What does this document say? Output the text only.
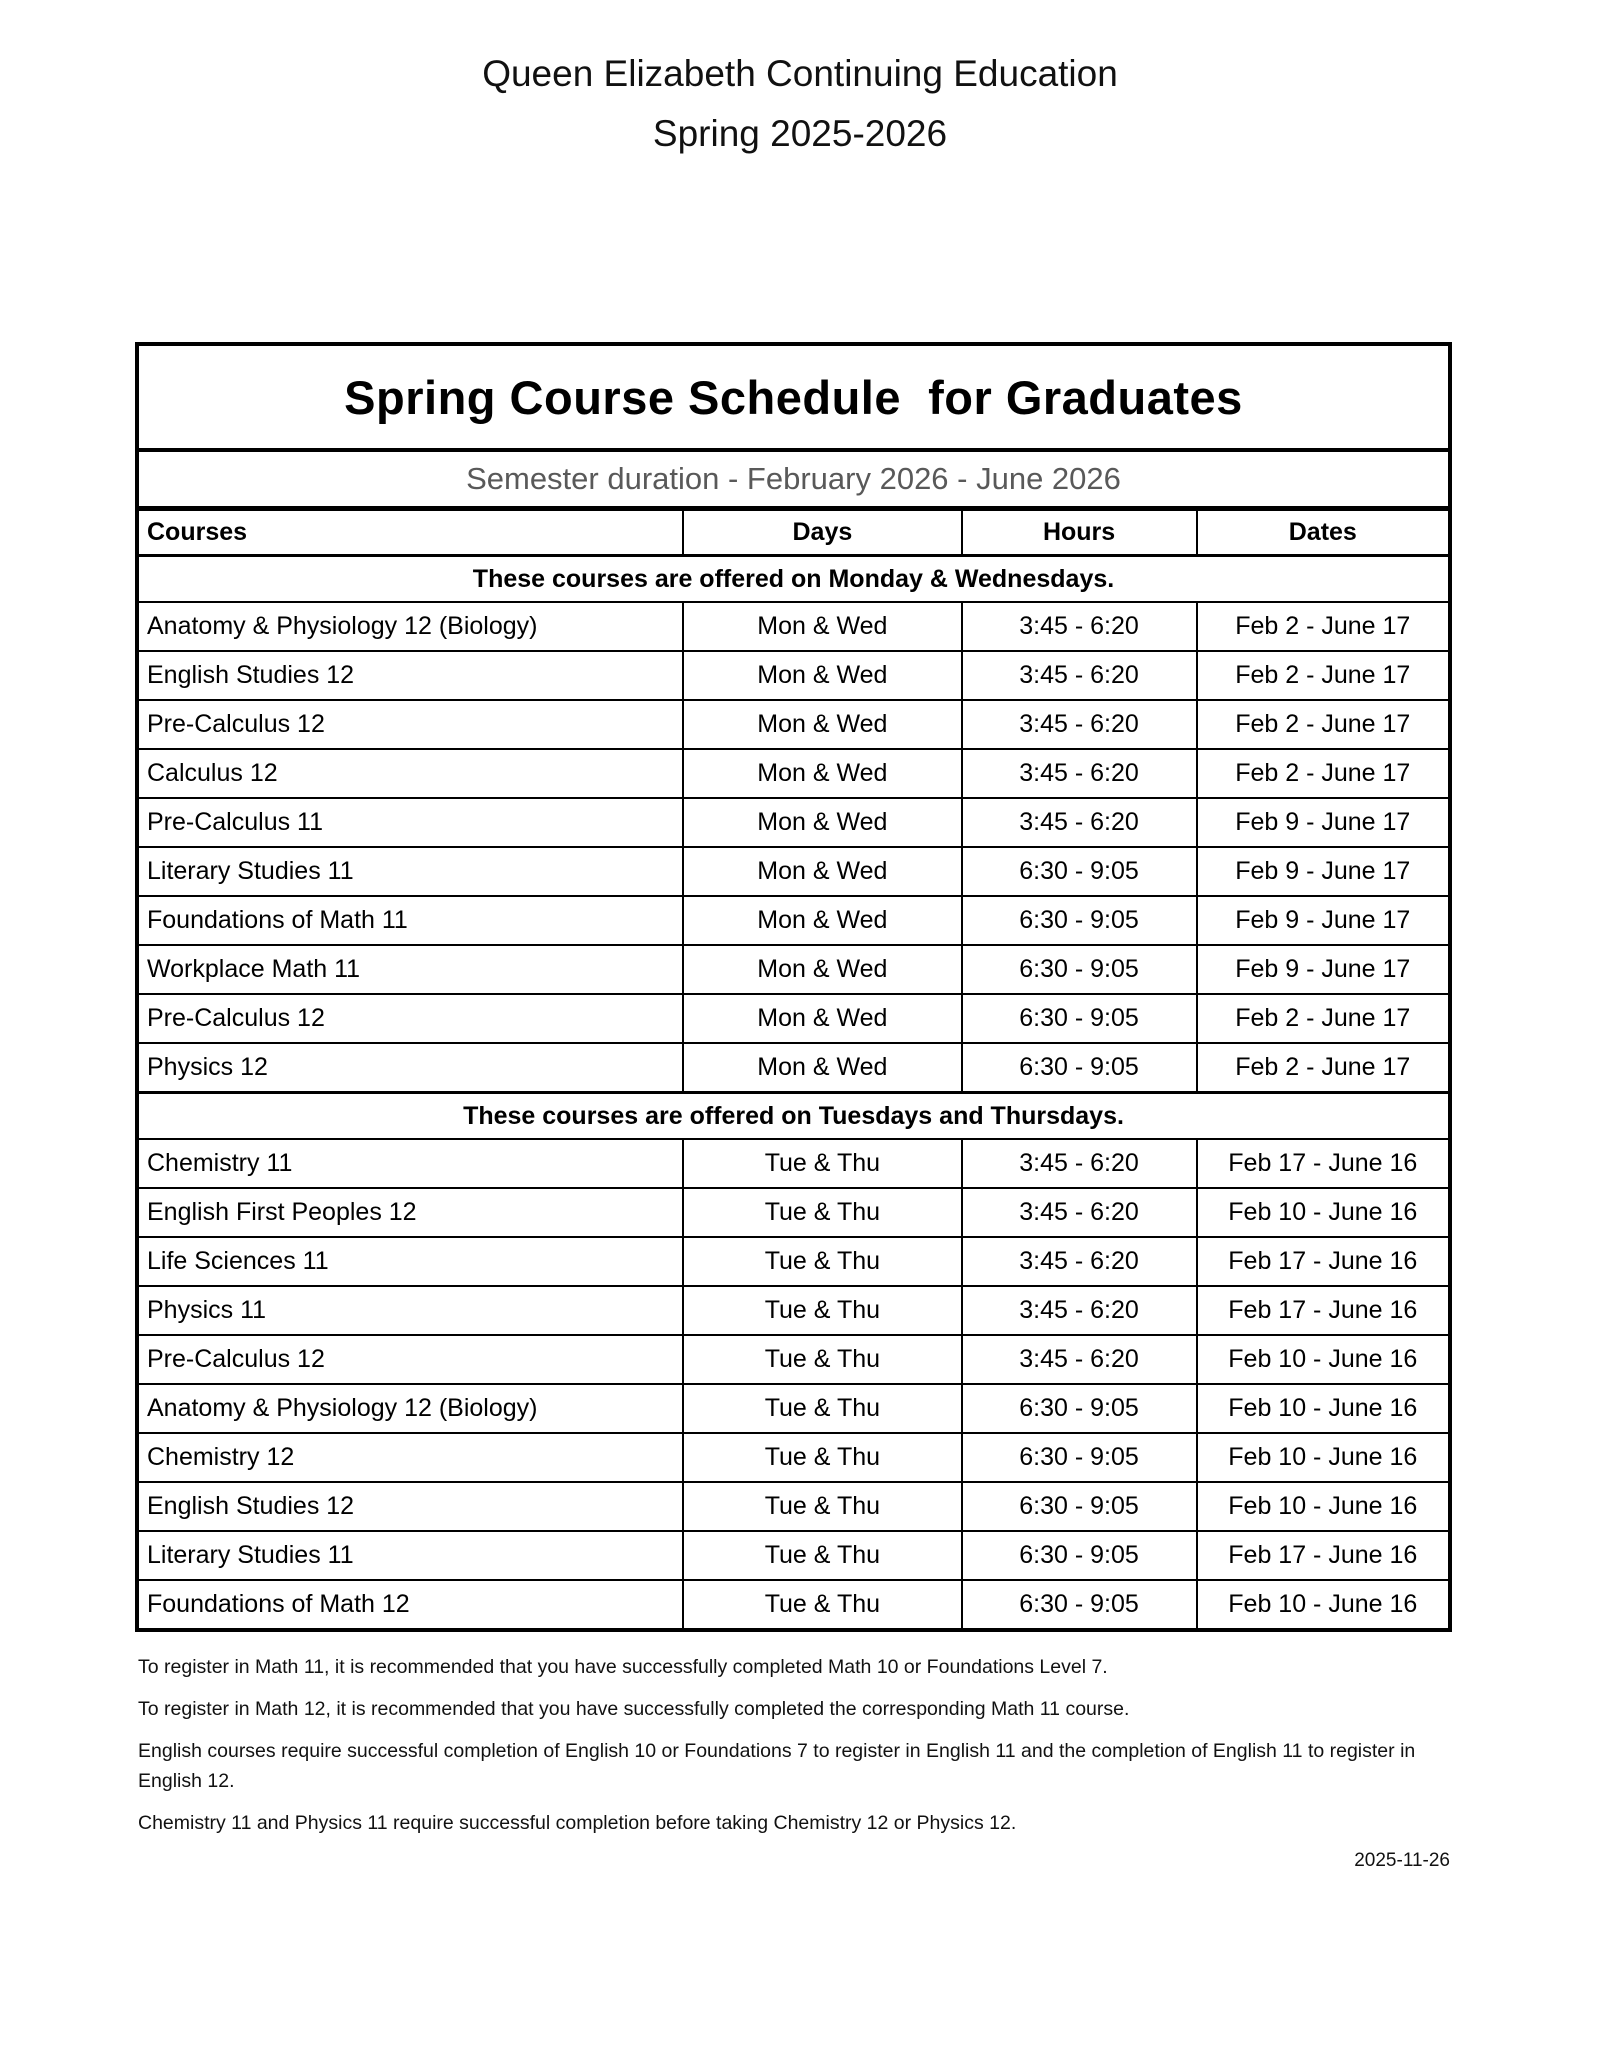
Queen Elizabeth Continuing Education
Spring 2025-2026
Spring Course Schedule  for Graduates			
Semester duration - February 2026 - June 2026			
Courses	Days	Hours	Dates
These courses are offered on Monday & Wednesdays.			
Anatomy & Physiology 12 (Biology)	Mon & Wed	3:45 - 6:20	Feb 2 - June 17
English Studies 12	Mon & Wed	3:45 - 6:20	Feb 2 - June 17
Pre-Calculus 12	Mon & Wed	3:45 - 6:20	Feb 2 - June 17
Calculus 12	Mon & Wed	3:45 - 6:20	Feb 2 - June 17
Pre-Calculus 11	Mon & Wed	3:45 - 6:20	Feb 9 - June 17
Literary Studies 11	Mon & Wed	6:30 - 9:05	Feb 9 - June 17
Foundations of Math 11	Mon & Wed	6:30 - 9:05	Feb 9 - June 17
Workplace Math 11	Mon & Wed	6:30 - 9:05	Feb 9 - June 17
Pre-Calculus 12	Mon & Wed	6:30 - 9:05	Feb 2 - June 17
Physics 12	Mon & Wed	6:30 - 9:05	Feb 2 - June 17
These courses are offered on Tuesdays and Thursdays.			
Chemistry 11	Tue & Thu	3:45 - 6:20	Feb 17 - June 16
English First Peoples 12	Tue & Thu	3:45 - 6:20	Feb 10 - June 16
Life Sciences 11	Tue & Thu	3:45 - 6:20	Feb 17 - June 16
Physics 11	Tue & Thu	3:45 - 6:20	Feb 17 - June 16
Pre-Calculus 12	Tue & Thu	3:45 - 6:20	Feb 10 - June 16
Anatomy & Physiology 12 (Biology)	Tue & Thu	6:30 - 9:05	Feb 10 - June 16
Chemistry 12	Tue & Thu	6:30 - 9:05	Feb 10 - June 16
English Studies 12	Tue & Thu	6:30 - 9:05	Feb 10 - June 16
Literary Studies 11	Tue & Thu	6:30 - 9:05	Feb 17 - June 16
Foundations of Math 12	Tue & Thu	6:30 - 9:05	Feb 10 - June 16

To register in Math 11, it is recommended that you have successfully completed Math 10 or Foundations Level 7.

To register in Math 12, it is recommended that you have successfully completed the corresponding Math 11 course.

English courses require successful completion of English 10 or Foundations 7 to register in English 11 and the completion of English 11 to register in English 12.

Chemistry 11 and Physics 11 require successful completion before taking Chemistry 12 or Physics 12.

2025-11-26
